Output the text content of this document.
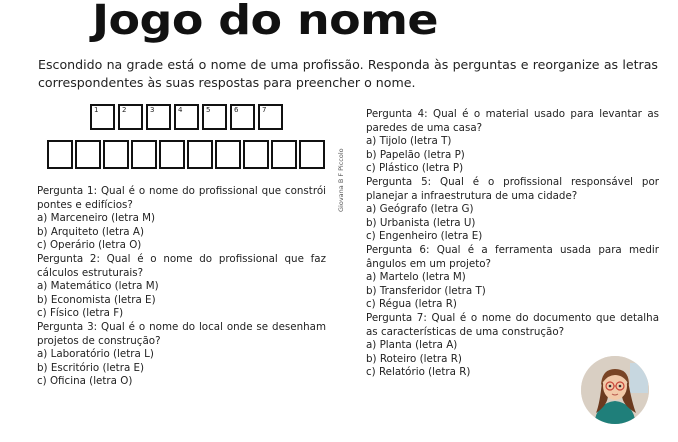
Jogo do nome
Escondido na grade está o nome de uma profissão. Responda às perguntas e reorganize as letras correspondentes às suas respostas para preencher o nome.
1	2	3	4	5	6	7
Giovana B F Piccolo
Pergunta 1: Qual é o nome do profissional que constrói pontes e edifícios?
a) Marceneiro (letra M)
b) Arquiteto (letra A)
c) Operário (letra O)
Pergunta 2: Qual é o nome do profissional que faz cálculos estruturais?
a) Matemático (letra M)
b) Economista (letra E)
c) Físico (letra F)
Pergunta 3: Qual é o nome do local onde se desenham projetos de construção?
a) Laboratório (letra L)
b) Escritório (letra E)
c) Oficina (letra O)
Pergunta 4: Qual é o material usado para levantar as paredes de uma casa?
a) Tijolo (letra T)
b) Papelão (letra P)
c) Plástico (letra P)
Pergunta 5: Qual é o profissional responsável por planejar a infraestrutura de uma cidade?
a) Geógrafo (letra G)
b) Urbanista (letra U)
c) Engenheiro (letra E)
Pergunta 6: Qual é a ferramenta usada para medir ângulos em um projeto?
a) Martelo (letra M)
b) Transferidor (letra T)
c) Régua (letra R)
Pergunta 7: Qual é o nome do documento que detalha as características de uma construção?
a) Planta (letra A)
b) Roteiro (letra R)
c) Relatório (letra R)
